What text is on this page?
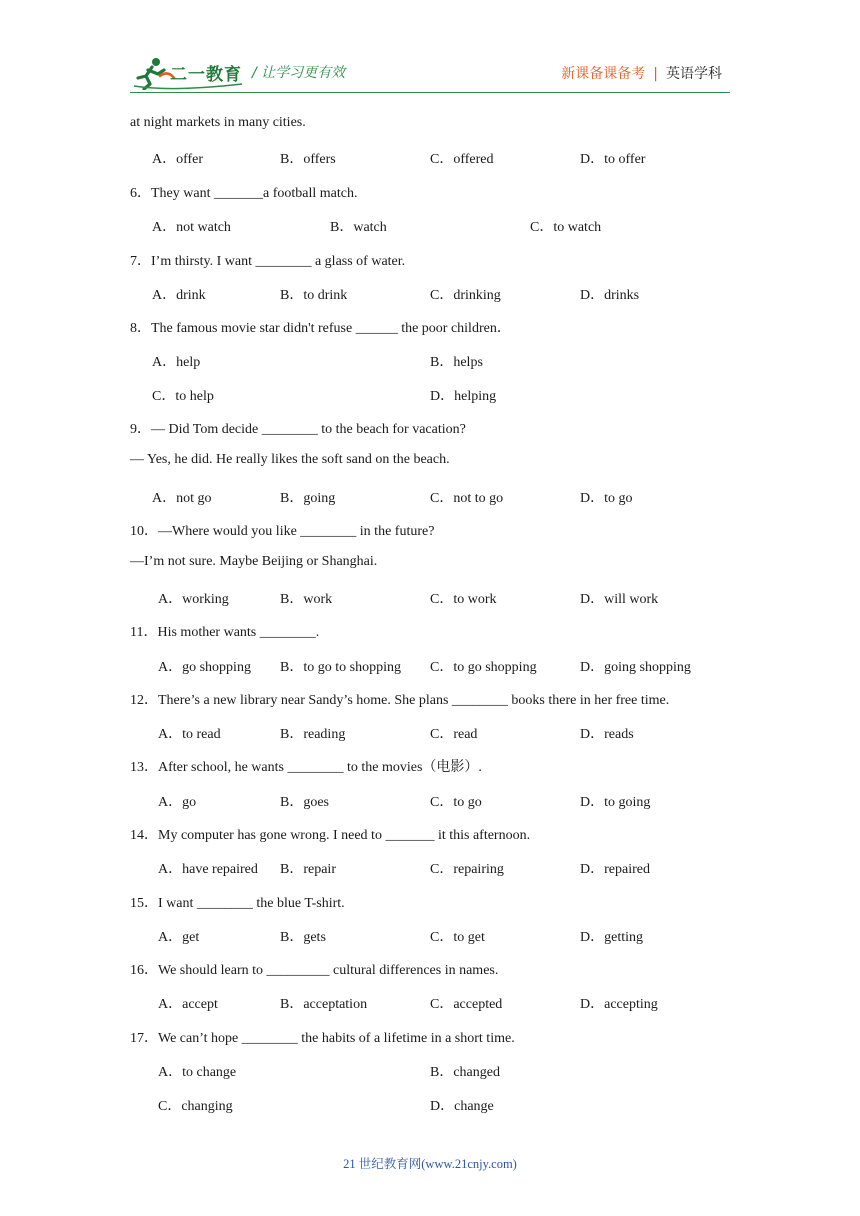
二一教育 / 让学习更有效	新课备课备考 | 英语学科
at night markets in many cities.
A．offer	B．offers	C．offered	D．to offer
6．They want _______a football match.
A．not watch	B．watch	C．to watch
7．I’m thirsty. I want ________ a glass of water.
A．drink	B．to drink	C．drinking	D．drinks
8．The famous movie star didn't refuse ______ the poor children．
A．help	B．helps
C．to help	D．helping
9．— Did Tom decide ________ to the beach for vacation?
— Yes, he did. He really likes the soft sand on the beach.
A．not go	B．going	C．not to go	D．to go
10．—Where would you like ________ in the future?
—I’m not sure. Maybe Beijing or Shanghai.
A．working	B．work	C．to work	D．will work
11．His mother wants ________.
A．go shopping B．to go to shopping C．to go shopping	D．going shopping
12．There’s a new library near Sandy’s home. She plans ________ books there in her free time.
A．to read	B．reading	C．read	D．reads
13．After school, he wants ________ to the movies（电影）.
A．go	B．goes	C．to go	D．to going
14．My computer has gone wrong. I need to _______ it this afternoon.
A．have repaired B．repair	C．repairing	D．repaired
15．I want ________ the blue T-shirt.
A．get	B．gets	C．to get	D．getting
16．We should learn to _________ cultural differences in names.
A．accept	B．acceptation	C．accepted	D．accepting
17．We can’t hope ________ the habits of a lifetime in a short time.
A．to change	B．changed
C．changing	D．change
21 世纪教育网(www.21cnjy.com)
